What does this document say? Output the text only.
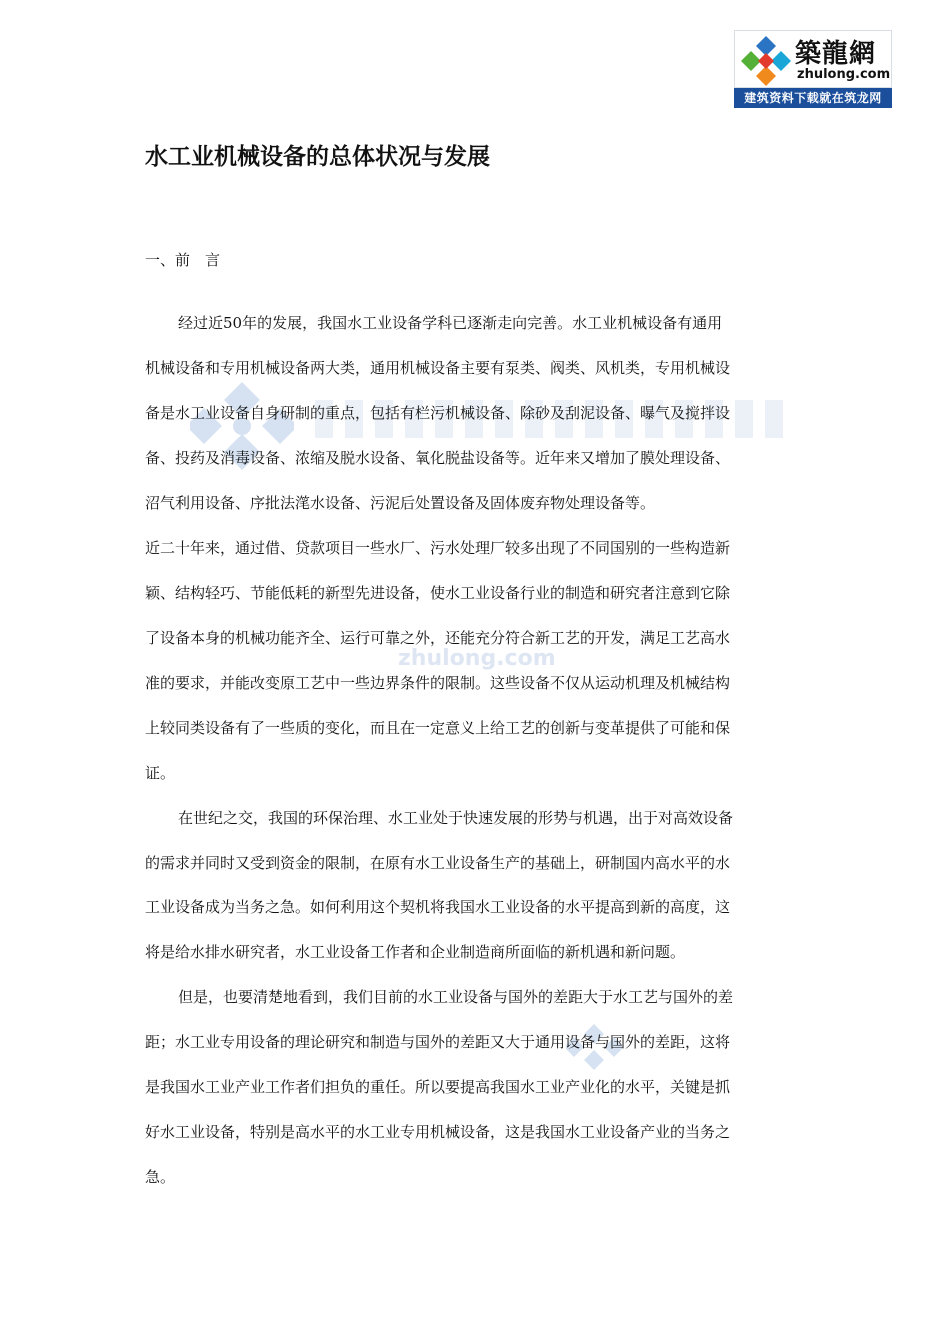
zhulong.com
築龍網
zhulong.com
建筑资料下载就在筑龙网
水工业机械设备的总体状况与发展
一、前　言
经过近50年的发展，我国水工业设备学科已逐渐走向完善。水工业机械设备有通用
机械设备和专用机械设备两大类，通用机械设备主要有泵类、阀类、风机类，专用机械设
备是水工业设备自身研制的重点，包括有栏污机械设备、除砂及刮泥设备、曝气及搅拌设
备、投药及消毒设备、浓缩及脱水设备、氧化脱盐设备等。近年来又增加了膜处理设备、
沼气利用设备、序批法滗水设备、污泥后处置设备及固体废弃物处理设备等。
近二十年来，通过借、贷款项目一些水厂、污水处理厂较多出现了不同国别的一些构造新
颖、结构轻巧、节能低耗的新型先进设备，使水工业设备行业的制造和研究者注意到它除
了设备本身的机械功能齐全、运行可靠之外，还能充分符合新工艺的开发，满足工艺高水
准的要求，并能改变原工艺中一些边界条件的限制。这些设备不仅从运动机理及机械结构
上较同类设备有了一些质的变化，而且在一定意义上给工艺的创新与变革提供了可能和保
证。
在世纪之交，我国的环保治理、水工业处于快速发展的形势与机遇，出于对高效设备
的需求并同时又受到资金的限制，在原有水工业设备生产的基础上，研制国内高水平的水
工业设备成为当务之急。如何利用这个契机将我国水工业设备的水平提高到新的高度，这
将是给水排水研究者，水工业设备工作者和企业制造商所面临的新机遇和新问题。
但是，也要清楚地看到，我们目前的水工业设备与国外的差距大于水工艺与国外的差
距；水工业专用设备的理论研究和制造与国外的差距又大于通用设备与国外的差距，这将
是我国水工业产业工作者们担负的重任。所以要提高我国水工业产业化的水平，关键是抓
好水工业设备，特别是高水平的水工业专用机械设备，这是我国水工业设备产业的当务之
急。
